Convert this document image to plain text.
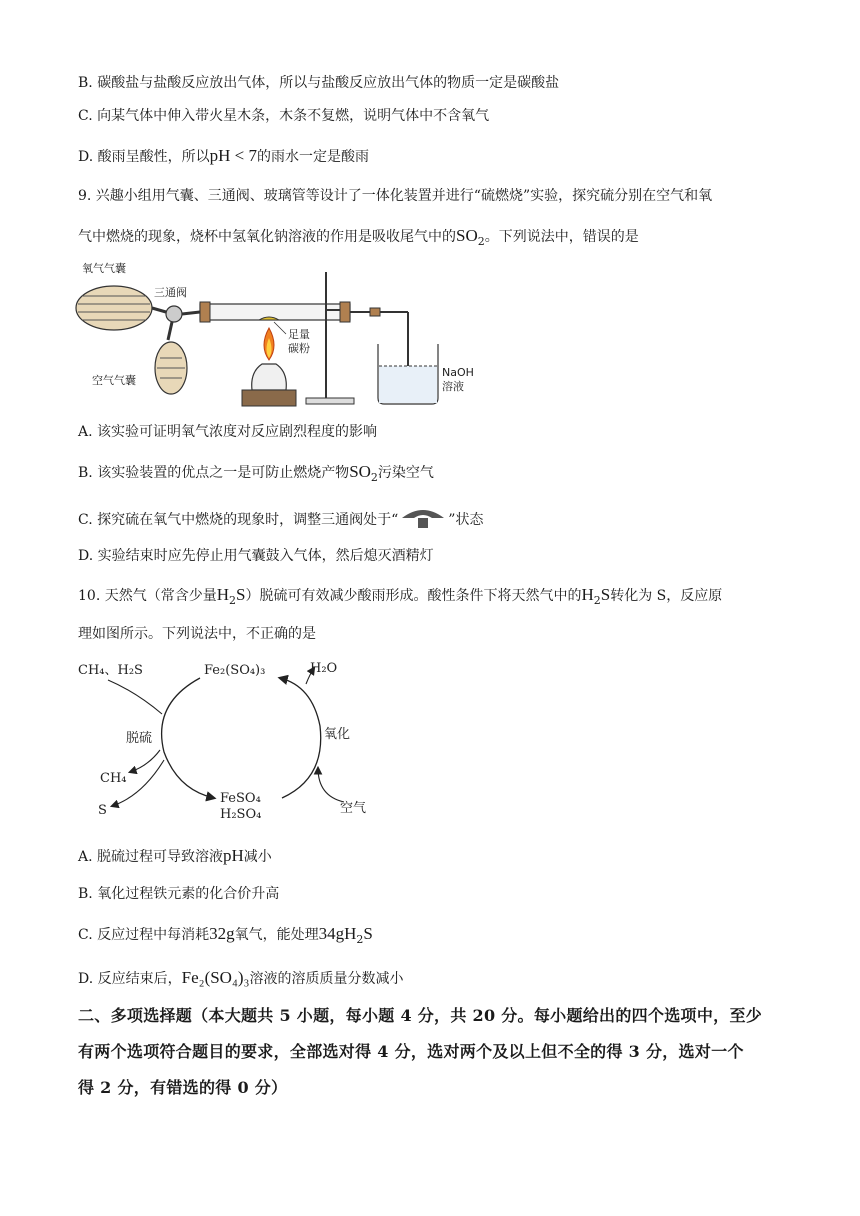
B. 碳酸盐与盐酸反应放出气体，所以与盐酸反应放出气体的物质一定是碳酸盐
C. 向某气体中伸入带火星木条，木条不复燃，说明气体中不含氧气
D. 酸雨呈酸性，所以pH < 7的雨水一定是酸雨
9. 兴趣小组用气囊、三通阀、玻璃管等设计了一体化装置并进行“硫燃烧”实验，探究硫分别在空气和氧
气中燃烧的现象，烧杯中氢氧化钠溶液的作用是吸收尾气中的$SO_2$。下列说法中，错误的是
氧气气囊
三通阀
空气气囊
足量
碳粉
NaOH
溶液
A. 该实验可证明氧气浓度对反应剧烈程度的影响
B. 该实验装置的优点之一是可防止燃烧产物$SO_2$污染空气
C. 探究硫在氧气中燃烧的现象时，调整三通阀处于“	”状态
D. 实验结束时应先停止用气囊鼓入气体，然后熄灭酒精灯
10. 天然气（常含少量$H_2S$）脱硫可有效减少酸雨形成。酸性条件下将天然气中的$H_2S$转化为 S，反应原
理如图所示。下列说法中，不正确的是
CH₄、H₂S	Fe₂(SO₄)₃	H₂O
脱硫	氧化
CH₄
S
FeSO₄
H₂SO₄	空气
A. 脱硫过程可导致溶液pH减小
B. 氧化过程铁元素的化合价升高
C. 反应过程中每消耗32g氧气，能处理$34gH_2S$
D. 反应结束后，Fe₂(SO₄)₃溶液的溶质质量分数减小
二、多项选择题（本大题共 5 小题，每小题 4 分，共 20 分。每小题给出的四个选项中，至少
有两个选项符合题目的要求，全部选对得 4 分，选对两个及以上但不全的得 3 分，选对一个
得 2 分，有错选的得 0 分）
